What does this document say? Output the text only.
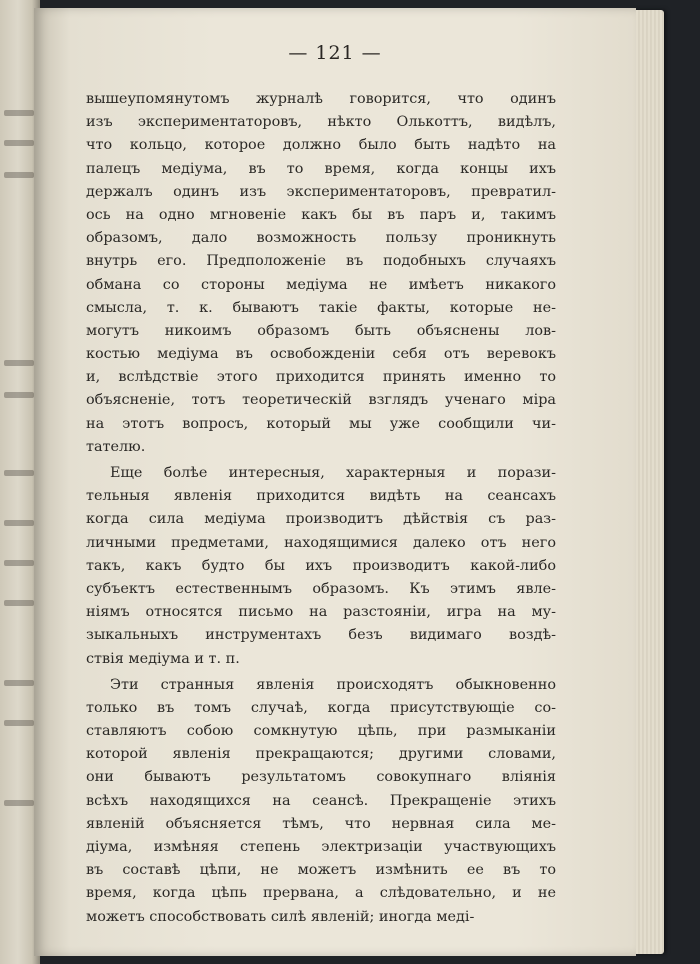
— 121 —
вышеупомянутомъ журналѣ говорится, что одинъ
изъ экспериментаторовъ, нѣкто Олькоттъ, видѣлъ,
что кольцо, которое должно было быть надѣто на
палецъ медіума, въ то время, когда концы ихъ
держалъ одинъ изъ экспериментаторовъ, превратил-
ось на одно мгновеніе какъ бы въ паръ и, такимъ
образомъ, дало возможность пользу проникнуть
внутрь его. Предположеніе въ подобныхъ случаяхъ
обмана со стороны медіума не имѣетъ никакого
смысла, т. к. бываютъ такіе факты, которые не-
могутъ никоимъ образомъ быть объяснены лов-
костью медіума въ освобожденіи себя отъ веревокъ
и, вслѣдствіе этого приходится принять именно то
объясненіе, тотъ теоретическій взглядъ ученаго міра
на этотъ вопросъ, который мы уже сообщили чи-
тателю.
Еще болѣе интересныя, характерныя и порази-
тельныя явленія приходится видѣть на сеансахъ
когда сила медіума производитъ дѣйствія съ раз-
личными предметами, находящимися далеко отъ него
такъ, какъ будто бы ихъ производитъ какой-либо
субъектъ естественнымъ образомъ. Къ этимъ явле-
ніямъ относятся письмо на разстояніи, игра на му-
зыкальныхъ инструментахъ безъ видимаго воздѣ-
ствія медіума и т. п.
Эти странныя явленія происходятъ обыкновенно
только въ томъ случаѣ, когда присутствующіе со-
ставляютъ собою сомкнутую цѣпь, при размыканіи
которой явленія прекращаются; другими словами,
они бываютъ результатомъ совокупнаго вліянія
всѣхъ находящихся на сеансѣ. Прекращеніе этихъ
явленій объясняется тѣмъ, что нервная сила ме-
діума, измѣняя степень электризаціи участвующихъ
въ составѣ цѣпи, не можетъ измѣнить ее въ то
время, когда цѣпь прервана, а слѣдовательно, и не
можетъ способствовать силѣ явленій; иногда меді-
